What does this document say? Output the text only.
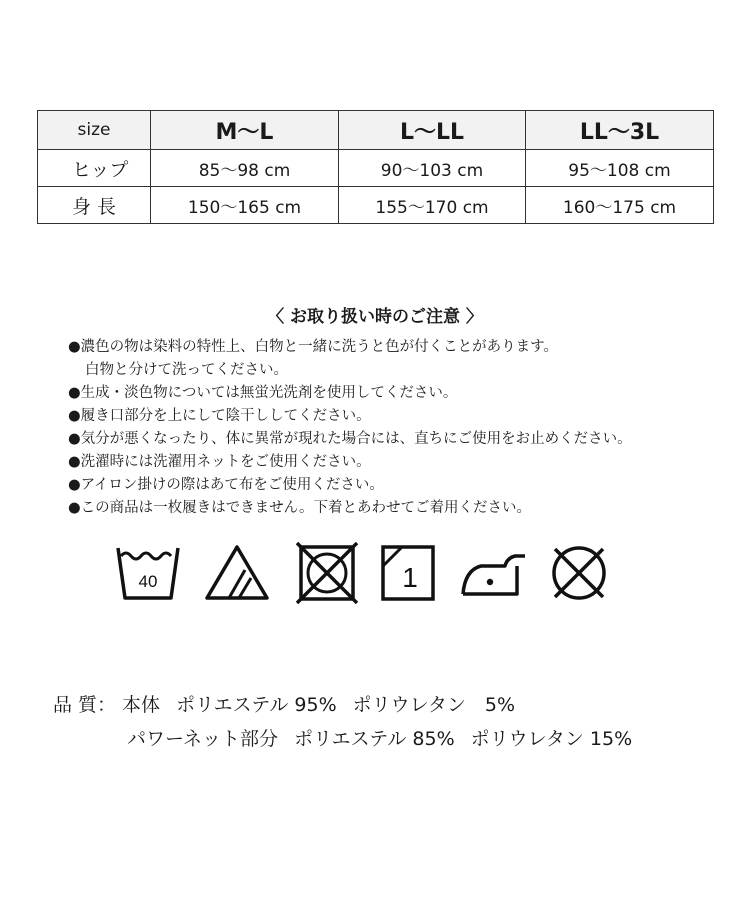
size	M～L	L～LL	LL～3L
ヒップ	85～98 cm	90～103 cm	95～108 cm
身 長	150～165 cm	155～170 cm	160～175 cm
〈 お取り扱い時のご注意 〉
●濃色の物は染料の特性上、白物と一緒に洗うと色が付くことがあります。
白物と分けて洗ってください。
●生成・淡色物については無蛍光洗剤を使用してください。
●履き口部分を上にして陰干ししてください。
●気分が悪くなったり、体に異常が現れた場合には、直ちにご使用をお止めください。
●洗濯時には洗濯用ネットをご使用ください。
●アイロン掛けの際はあて布をご使用ください。
●この商品は一枚履きはできません。下着とあわせてご着用ください。
40	1
品 質： 本体 ポリエステル 95% ポリウレタン　5%
パワーネット部分 ポリエステル 85% ポリウレタン 15%
